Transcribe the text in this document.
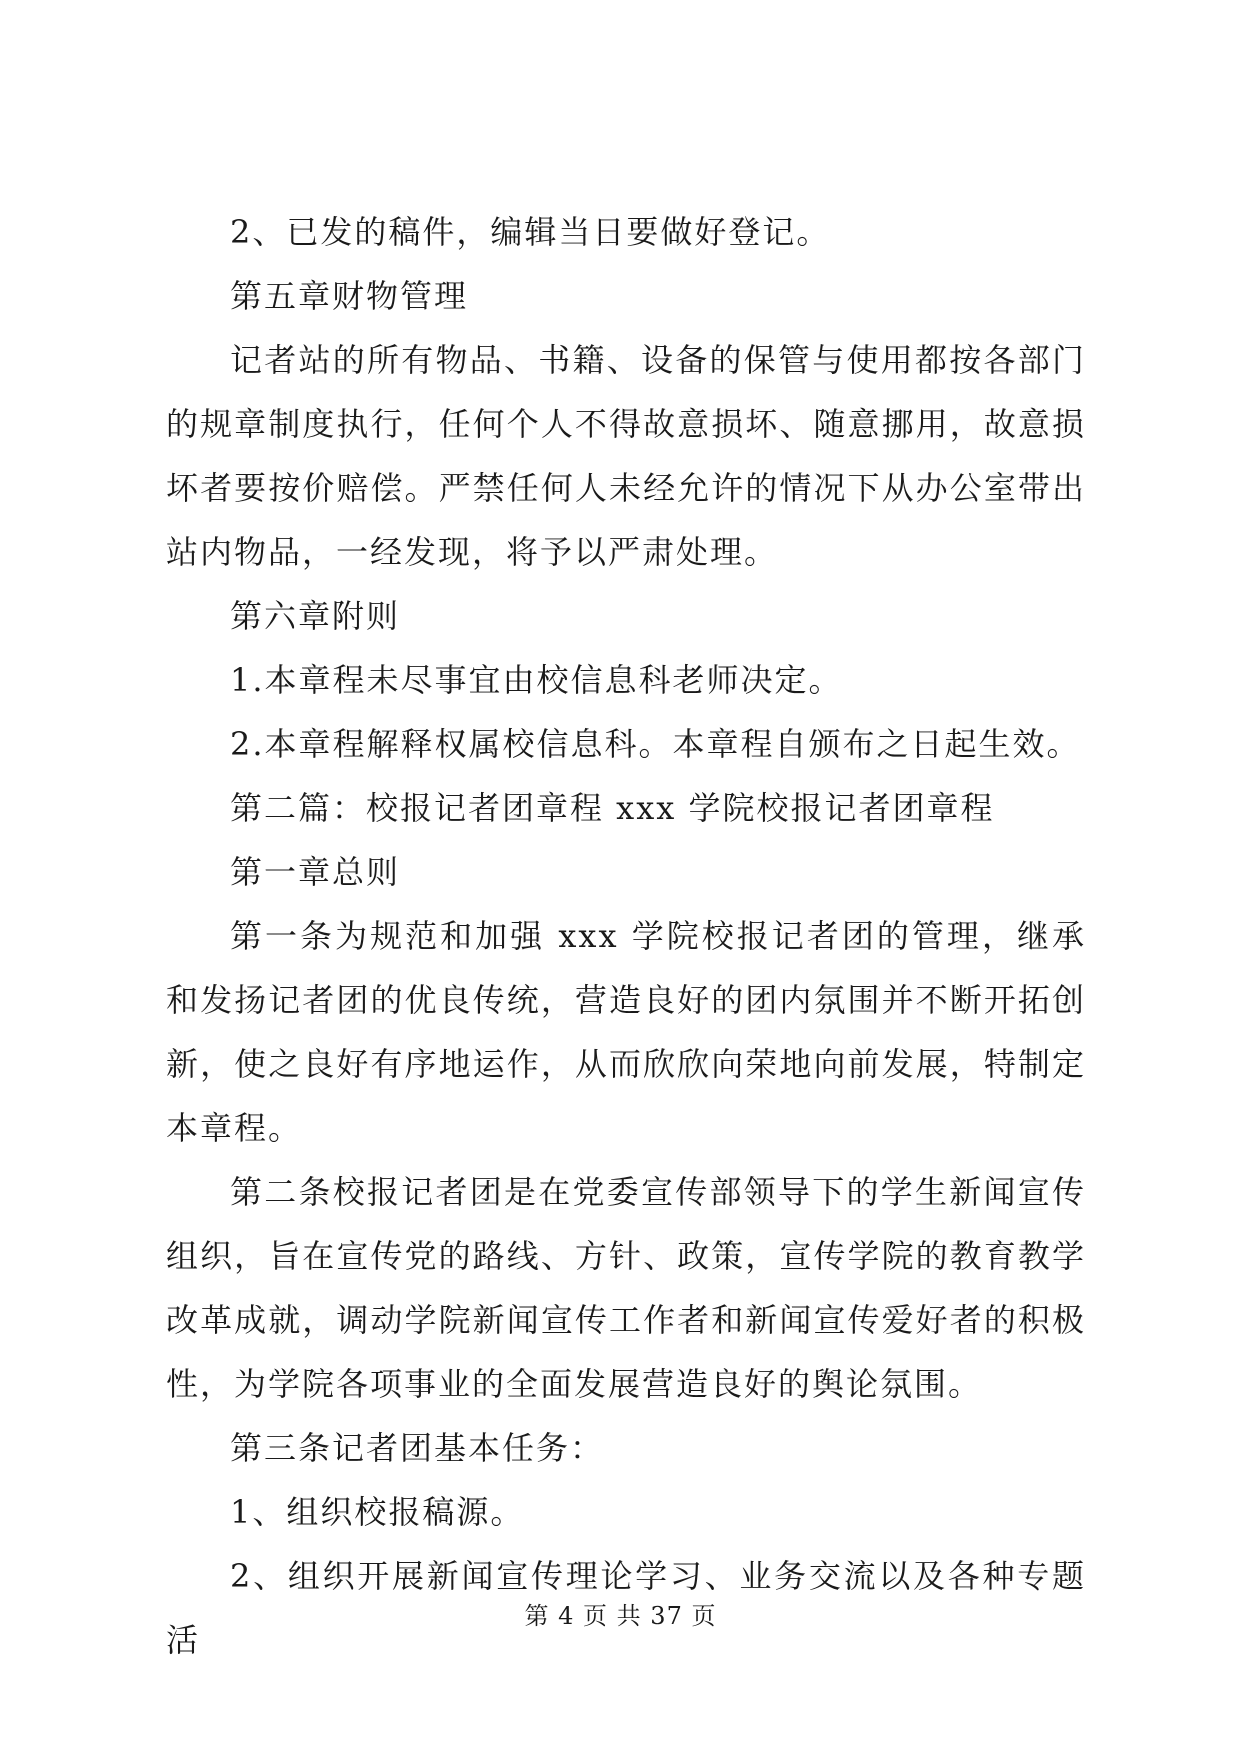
2、已发的稿件，编辑当日要做好登记。

第五章财物管理

记者站的所有物品、书籍、设备的保管与使用都按各部门的规章制度执行，任何个人不得故意损坏、随意挪用，故意损坏者要按价赔偿。严禁任何人未经允许的情况下从办公室带出站内物品，一经发现，将予以严肃处理。

第六章附则

1.本章程未尽事宜由校信息科老师决定。

2.本章程解释权属校信息科。本章程自颁布之日起生效。

第二篇：校报记者团章程 xxx 学院校报记者团章程

第一章总则

第一条为规范和加强 xxx 学院校报记者团的管理，继承和发扬记者团的优良传统，营造良好的团内氛围并不断开拓创新，使之良好有序地运作，从而欣欣向荣地向前发展，特制定本章程。

第二条校报记者团是在党委宣传部领导下的学生新闻宣传组织，旨在宣传党的路线、方针、政策，宣传学院的教育教学改革成就，调动学院新闻宣传工作者和新闻宣传爱好者的积极性，为学院各项事业的全面发展营造良好的舆论氛围。

第三条记者团基本任务：

1、组织校报稿源。

2、组织开展新闻宣传理论学习、业务交流以及各种专题活

第 4 页 共 37 页
